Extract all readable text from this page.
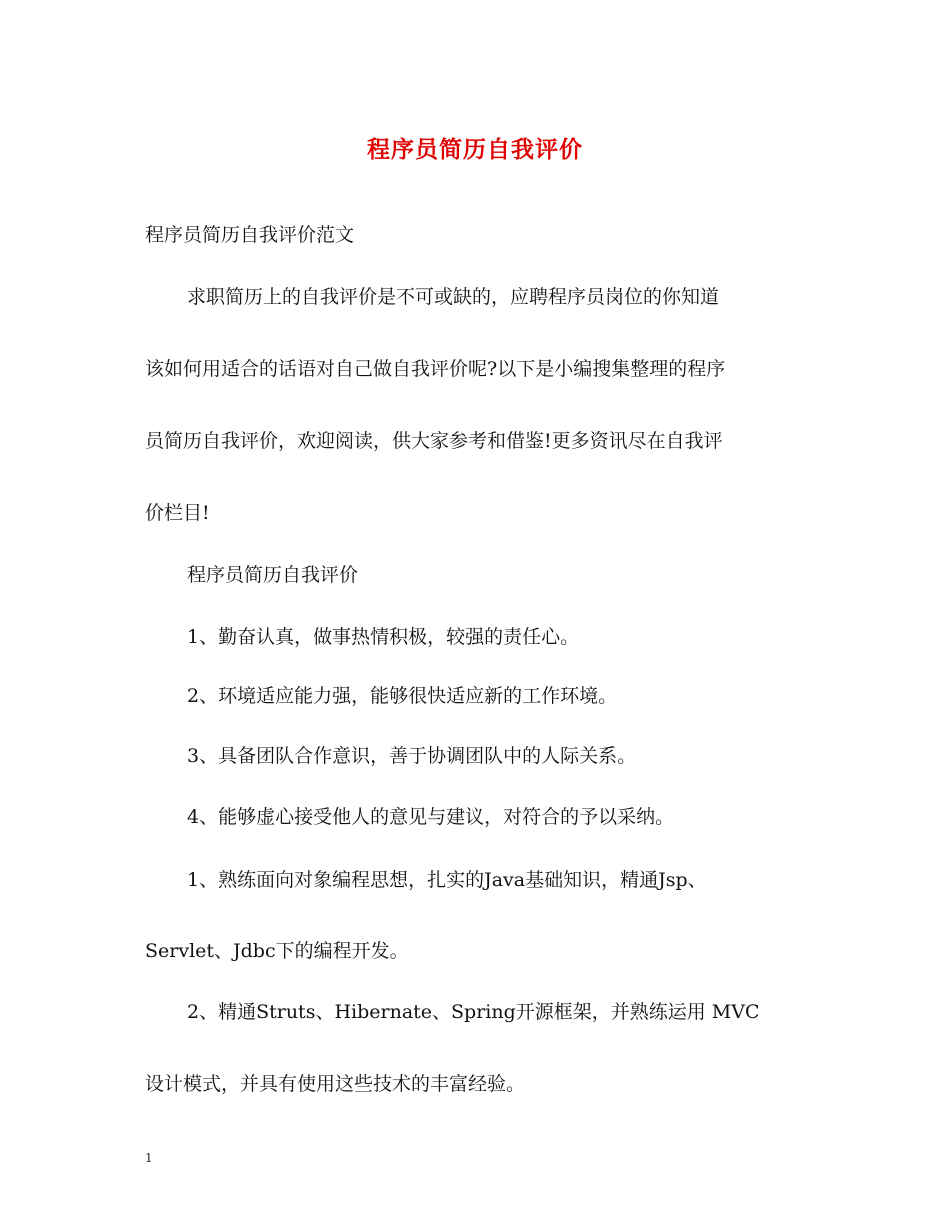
程序员简历自我评价

程序员简历自我评价范文

求职简历上的自我评价是不可或缺的，应聘程序员岗位的你知道

该如何用适合的话语对自己做自我评价呢?以下是小编搜集整理的程序

员简历自我评价，欢迎阅读，供大家参考和借鉴!更多资讯尽在自我评

价栏目!

程序员简历自我评价

1、勤奋认真，做事热情积极，较强的责任心。

2、环境适应能力强，能够很快适应新的工作环境。

3、具备团队合作意识，善于协调团队中的人际关系。

4、能够虚心接受他人的意见与建议，对符合的予以采纳。

1、熟练面向对象编程思想，扎实的Java基础知识，精通Jsp、

Servlet、Jdbc下的编程开发。

2、精通Struts、Hibernate、Spring开源框架，并熟练运用 MVC

设计模式，并具有使用这些技术的丰富经验。

1
